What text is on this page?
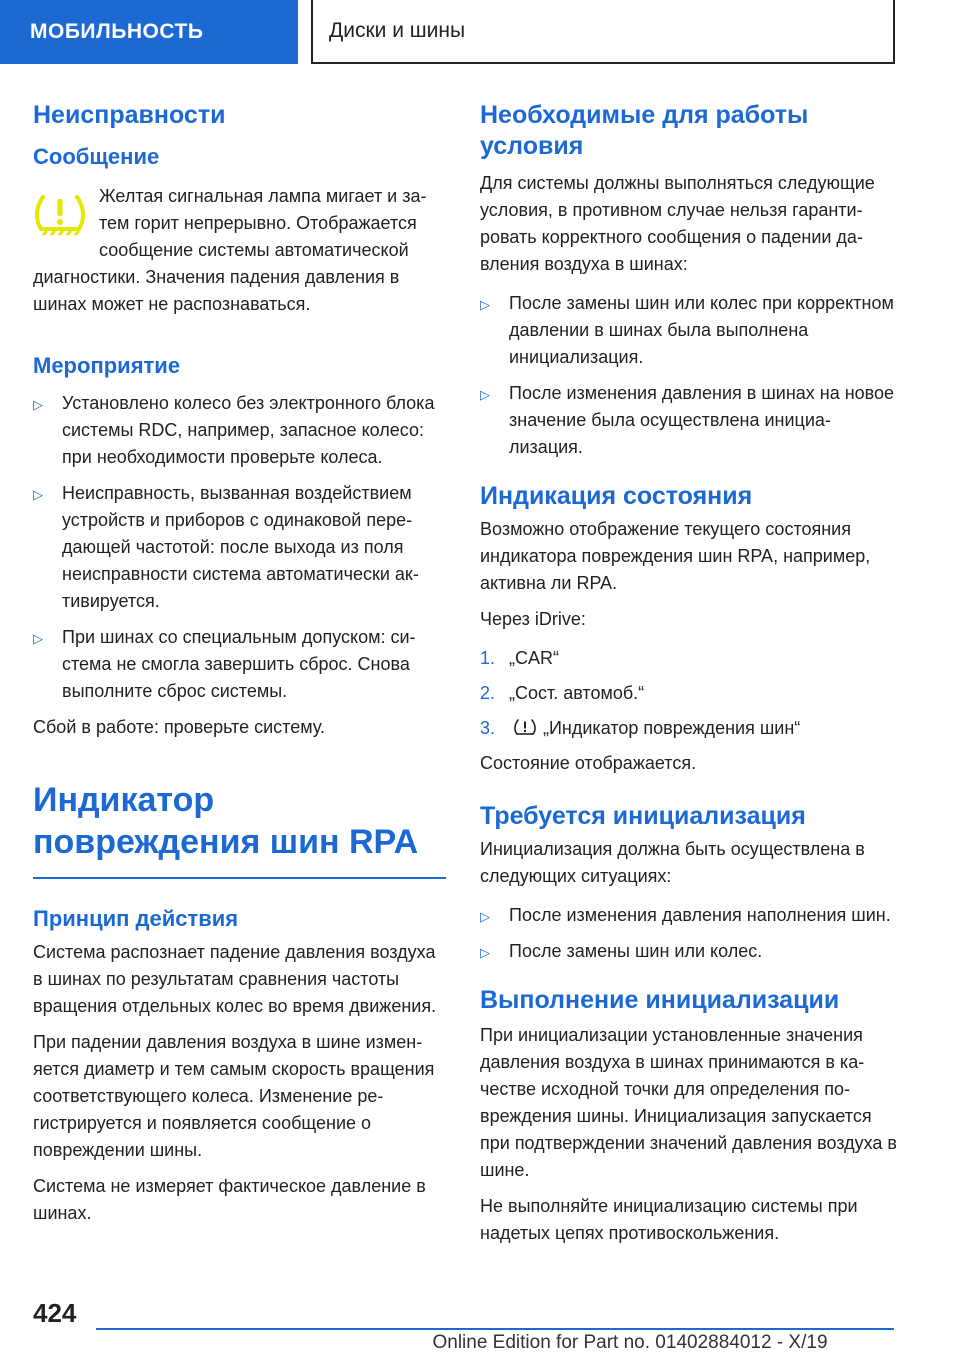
МОБИЛЬНОСТЬ	Диски и шины
Неисправности
Сообщение
Желтая сигнальная лампа мигает и затем горит непрерывно. Отображается сообщение системы автоматической диагностики. Значения падения давления в шинах может не распознаваться.
Мероприятие
▷ Установлено колесо без электронного блока системы RDC, например, запасное колесо: при необходимости проверьте колеса.
▷ Неисправность, вызванная воздействием устройств и приборов с одинаковой передающей частотой: после выхода из поля неисправности система автоматически активируется.
▷ При шинах со специальным допуском: система не смогла завершить сброс. Снова выполните сброс системы.

Сбой в работе: проверьте систему.

Индикатор повреждения шин RPA
Принцип действия

Система распознает падение давления воздуха в шинах по результатам сравнения частоты вращения отдельных колес во время движения.

При падении давления воздуха в шине изменяется диаметр и тем самым скорость вращения соответствующего колеса. Изменение регистрируется и появляется сообщение о повреждении шины.

Система не измеряет фактическое давление в шинах.

Необходимые для работы условия

Для системы должны выполняться следующие условия, в противном случае нельзя гарантировать корректного сообщения о падении давления воздуха в шинах:

▷ После замены шин или колес при корректном давлении в шинах была выполнена инициализация.
▷ После изменения давления в шинах на новое значение была осуществлена инициализация.
Индикация состояния

Возможно отображение текущего состояния индикатора повреждения шин RPA, например, активна ли RPA.

Через iDrive:

1. „CAR“
2. „Сост. автомоб.“
3.	„Индикатор повреждения шин“

Состояние отображается.

Требуется инициализация

Инициализация должна быть осуществлена в следующих ситуациях:

▷ После изменения давления наполнения шин.
▷ После замены шин или колес.
Выполнение инициализации

При инициализации установленные значения давления воздуха в шинах принимаются в качестве исходной точки для определения повреждения шины. Инициализация запускается при подтверждении значений давления воздуха в шине.

Не выполняйте инициализацию системы при надетых цепях противоскольжения.

424
Online Edition for Part no. 01402884012 - X/19
